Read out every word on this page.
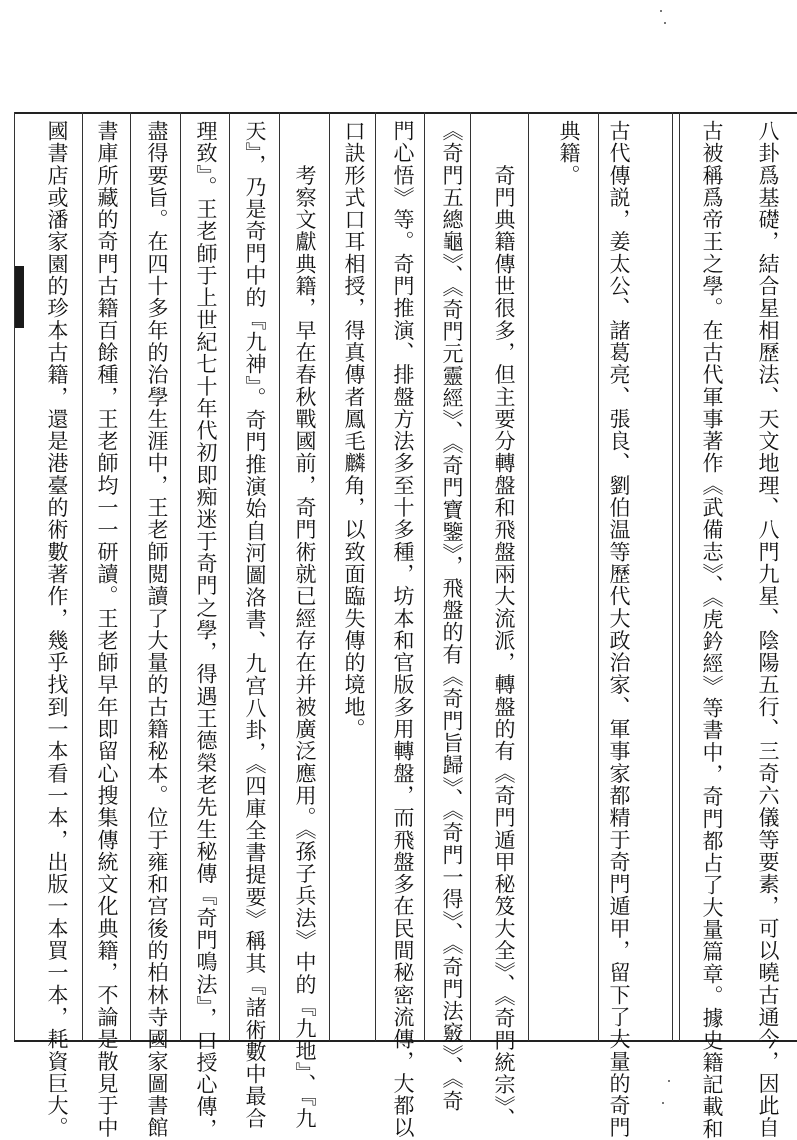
八卦爲基礎，結合星相歷法、天文地理、八門九星、陰陽五行、三奇六儀等要素，可以曉古通今，因此自
古被稱爲帝王之學。在古代軍事著作《武備志》、《虎鈐經》等書中，奇門都占了大量篇章。據史籍記載和
古代傳説，姜太公、諸葛亮、張良、劉伯温等歷代大政治家、軍事家都精于奇門遁甲，留下了大量的奇門
典籍。
　　奇門典籍傳世很多，但主要分轉盤和飛盤兩大流派，轉盤的有《奇門遁甲秘笈大全》、《奇門統宗》、
《奇門五總龜》、《奇門元靈經》、《奇門寶鑒》，飛盤的有《奇門旨歸》、《奇門一得》、《奇門法竅》、《奇
門心悟》等。奇門推演、排盤方法多至十多種，坊本和官版多用轉盤，而飛盤多在民間秘密流傳，大都以
口訣形式口耳相授，得真傳者鳳毛麟角，以致面臨失傳的境地。
　　考察文獻典籍，早在春秋戰國前，奇門術就已經存在并被廣泛應用。《孫子兵法》中的『九地』、『九
天』，乃是奇門中的『九神』。奇門推演始自河圖洛書、九宫八卦，《四庫全書提要》稱其『諸術數中最合
理致』。王老師于上世紀七十年代初即痴迷于奇門之學，得遇王德榮老先生秘傳『奇門鳴法』，口授心傳，
盡得要旨。在四十多年的治學生涯中，王老師閲讀了大量的古籍秘本。位于雍和宫後的柏林寺國家圖書館
書庫所藏的奇門古籍百餘種，王老師均一一研讀。王老師早年即留心搜集傳統文化典籍，不論是散見于中
國書店或潘家園的珍本古籍，還是港臺的術數著作，幾乎找到一本看一本，出版一本買一本，耗資巨大。
